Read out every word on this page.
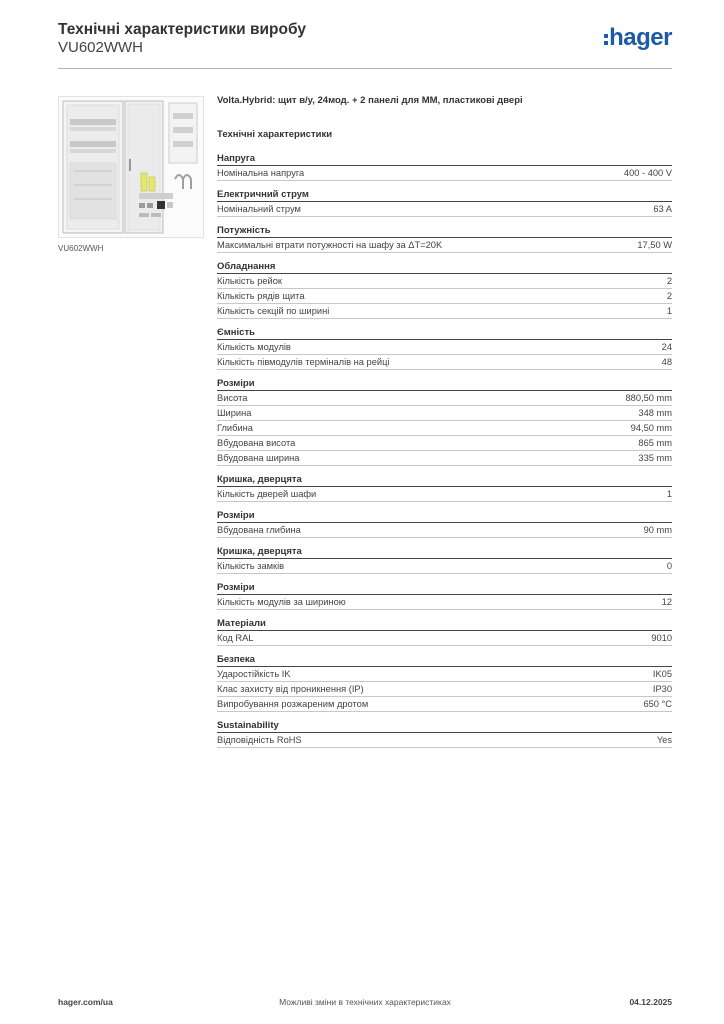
Технічні характеристики виробу
VU602WWH	hager
VU602WWH
Volta.Hybrid: щит в/у, 24мод. + 2 панелі для ММ, пластикові двері
Технічні характеристики
Напруга
Номінальна напруга	400 - 400 V
Електричний струм
Номінальний струм	63 A
Потужність
Максимальні втрати потужності на шафу за ΔT=20K	17,50 W
Обладнання
Кількість рейок	2
Кількість рядів щита	2
Кількість секцій по ширині	1
Ємність
Кількість модулів	24
Кількість півмодулів терміналів на рейці	48
Розміри
Висота	880,50 mm
Ширина	348 mm
Глибина	94,50 mm
Вбудована висота	865 mm
Вбудована ширина	335 mm
Кришка, дверцята
Кількість дверей шафи	1
Розміри
Вбудована глибина	90 mm
Кришка, дверцята
Кількість замків	0
Розміри
Кількість модулів за шириною	12
Матеріали
Код RAL	9010
Безпека
Ударостійкість IK	IK05
Клас захисту від проникнення (IP)	IP30
Випробування розжареним дротом	650 °C
Sustainability
Відповідність RoHS	Yes
hager.com/ua	Можливі зміни в технічних характеристиках	04.12.2025
